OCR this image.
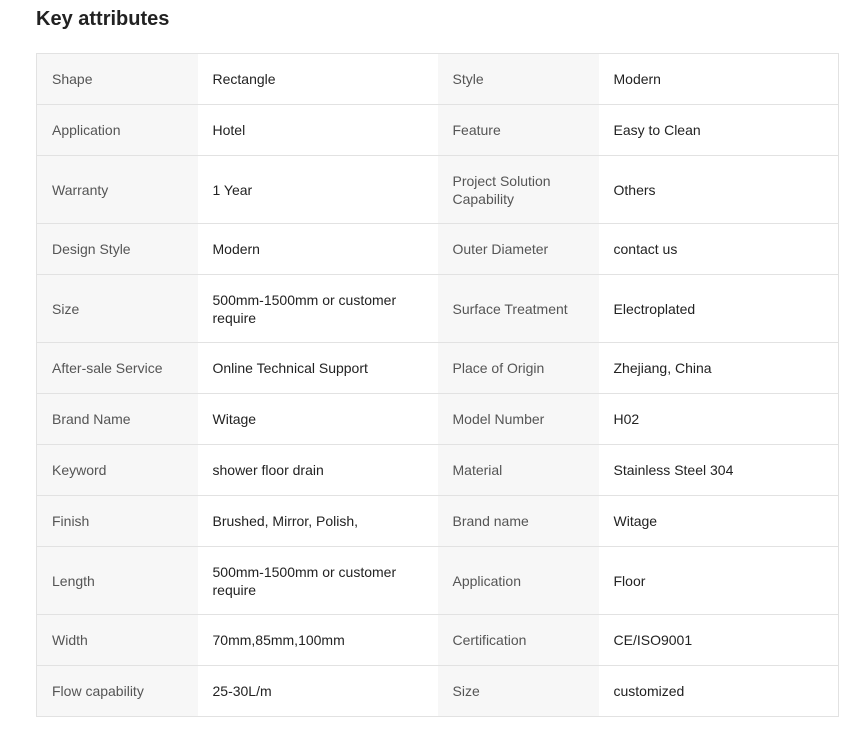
Key attributes
Shape	Rectangle	Style	Modern
Application	Hotel	Feature	Easy to Clean
Warranty	1 Year	Project Solution Capability	Others
Design Style	Modern	Outer Diameter	contact us
Size	500mm-1500mm or customer require	Surface Treatment	Electroplated
After-sale Service	Online Technical Support	Place of Origin	Zhejiang, China
Brand Name	Witage	Model Number	H02
Keyword	shower floor drain	Material	Stainless Steel 304
Finish	Brushed, Mirror, Polish,	Brand name	Witage
Length	500mm-1500mm or customer require	Application	Floor
Width	70mm,85mm,100mm	Certification	CE/ISO9001
Flow capability	25-30L/m	Size	customized
